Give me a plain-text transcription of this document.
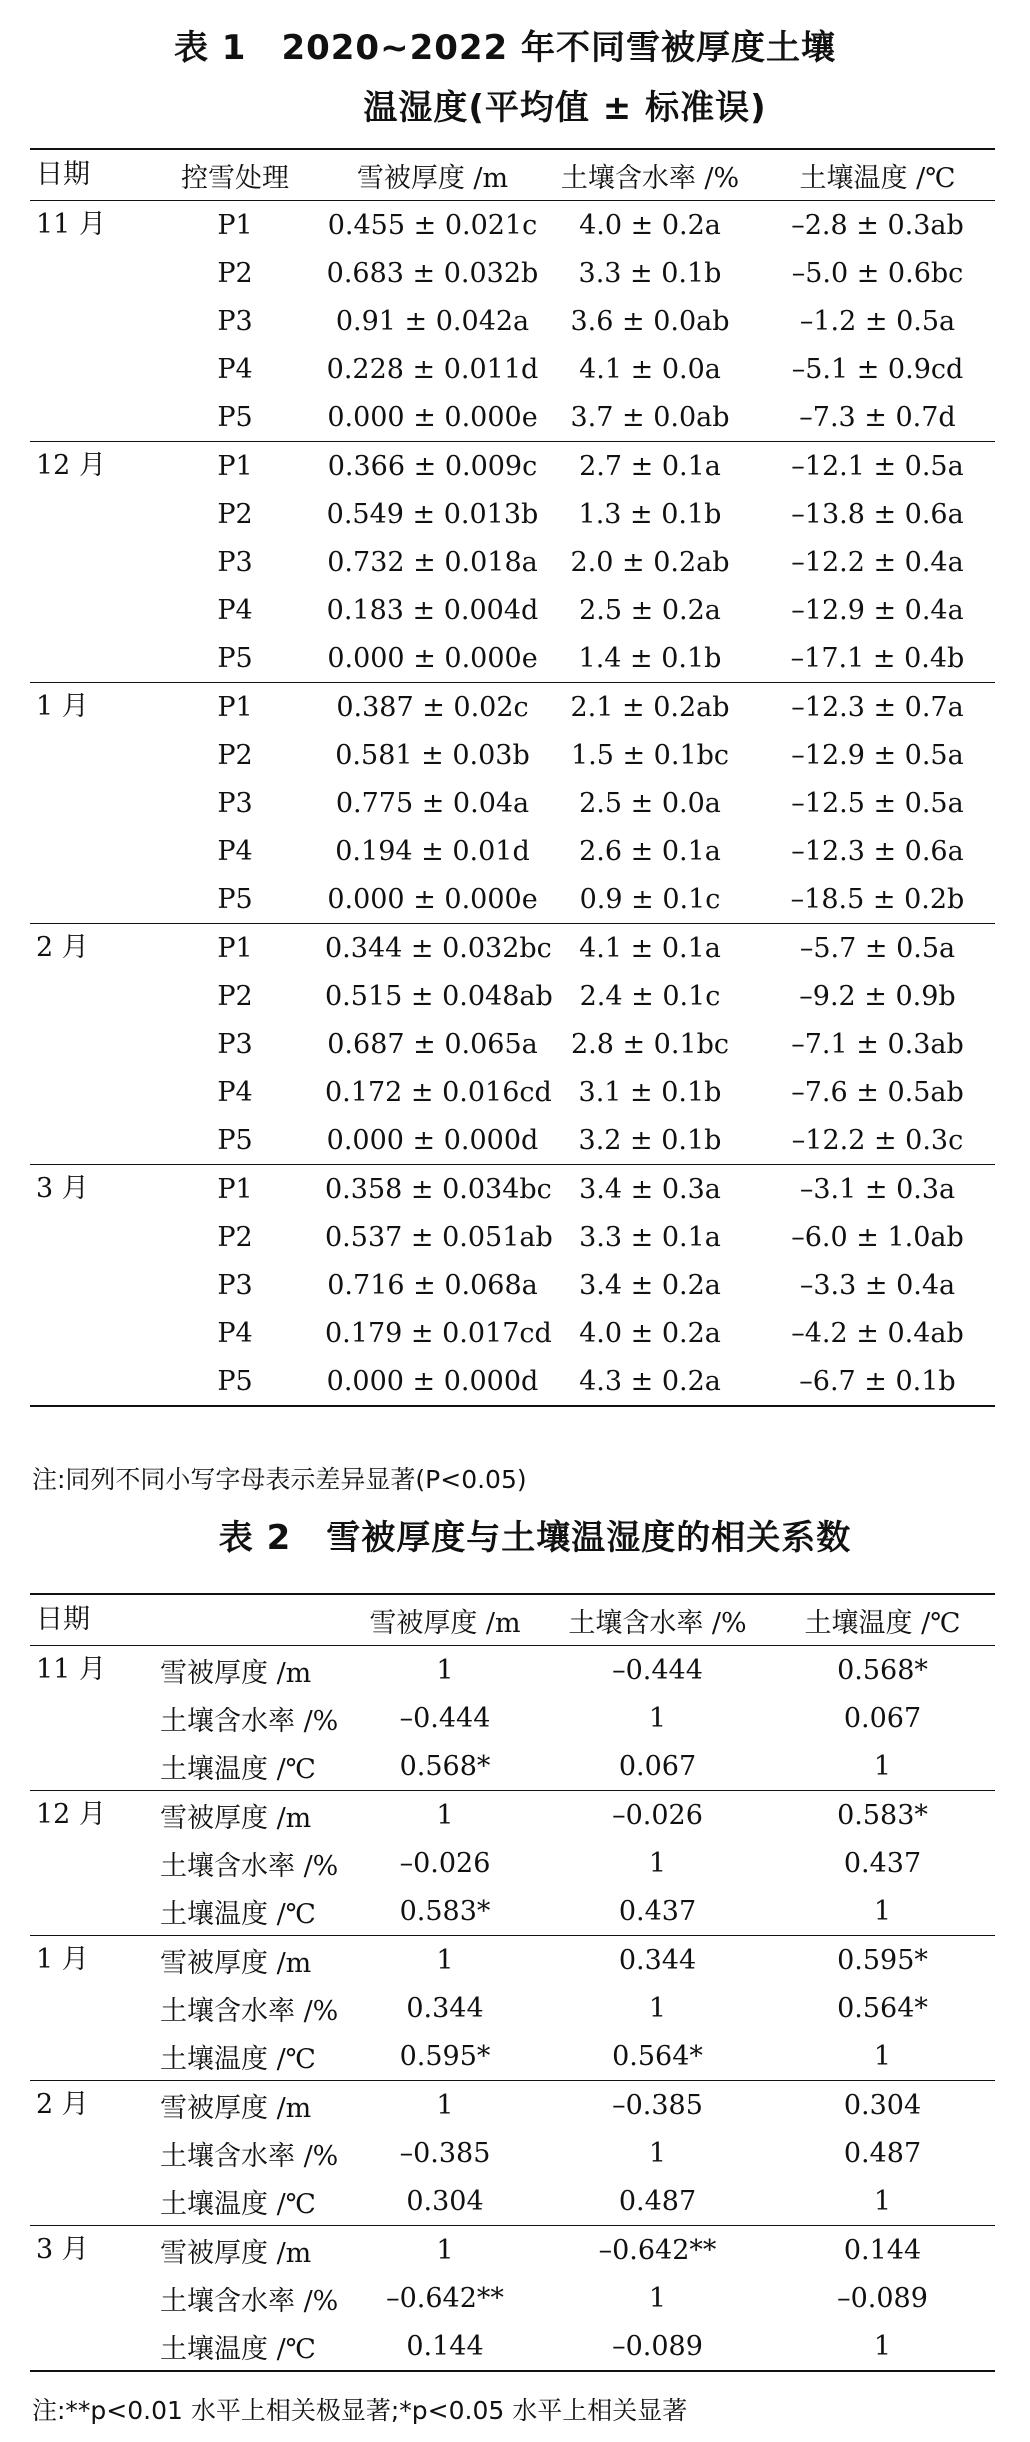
表 1　2020~2022 年不同雪被厚度土壤
温湿度(平均值 ± 标准误)
日期	控雪处理	雪被厚度 /m	土壤含水率 /%	土壤温度 /℃
11 月	P1	0.455 ± 0.021c	4.0 ± 0.2a	–2.8 ± 0.3ab
	P2	0.683 ± 0.032b	3.3 ± 0.1b	–5.0 ± 0.6bc
	P3	0.91 ± 0.042a	3.6 ± 0.0ab	–1.2 ± 0.5a
	P4	0.228 ± 0.011d	4.1 ± 0.0a	–5.1 ± 0.9cd
	P5	0.000 ± 0.000e	3.7 ± 0.0ab	–7.3 ± 0.7d
12 月	P1	0.366 ± 0.009c	2.7 ± 0.1a	–12.1 ± 0.5a
	P2	0.549 ± 0.013b	1.3 ± 0.1b	–13.8 ± 0.6a
	P3	0.732 ± 0.018a	2.0 ± 0.2ab	–12.2 ± 0.4a
	P4	0.183 ± 0.004d	2.5 ± 0.2a	–12.9 ± 0.4a
	P5	0.000 ± 0.000e	1.4 ± 0.1b	–17.1 ± 0.4b
1 月	P1	0.387 ± 0.02c	2.1 ± 0.2ab	–12.3 ± 0.7a
	P2	0.581 ± 0.03b	1.5 ± 0.1bc	–12.9 ± 0.5a
	P3	0.775 ± 0.04a	2.5 ± 0.0a	–12.5 ± 0.5a
	P4	0.194 ± 0.01d	2.6 ± 0.1a	–12.3 ± 0.6a
	P5	0.000 ± 0.000e	0.9 ± 0.1c	–18.5 ± 0.2b
2 月	P1	0.344 ± 0.032bc	4.1 ± 0.1a	–5.7 ± 0.5a
	P2	0.515 ± 0.048ab	2.4 ± 0.1c	–9.2 ± 0.9b
	P3	0.687 ± 0.065a	2.8 ± 0.1bc	–7.1 ± 0.3ab
	P4	0.172 ± 0.016cd	3.1 ± 0.1b	–7.6 ± 0.5ab
	P5	0.000 ± 0.000d	3.2 ± 0.1b	–12.2 ± 0.3c
3 月	P1	0.358 ± 0.034bc	3.4 ± 0.3a	–3.1 ± 0.3a
	P2	0.537 ± 0.051ab	3.3 ± 0.1a	–6.0 ± 1.0ab
	P3	0.716 ± 0.068a	3.4 ± 0.2a	–3.3 ± 0.4a
	P4	0.179 ± 0.017cd	4.0 ± 0.2a	–4.2 ± 0.4ab
	P5	0.000 ± 0.000d	4.3 ± 0.2a	–6.7 ± 0.1b
注:同列不同小写字母表示差异显著(P<0.05)
表 2　雪被厚度与土壤温湿度的相关系数
日期		雪被厚度 /m	土壤含水率 /%	土壤温度 /℃
11 月	雪被厚度 /m	1	–0.444	0.568*
	土壤含水率 /%	–0.444	1	0.067
	土壤温度 /℃	0.568*	0.067	1
12 月	雪被厚度 /m	1	–0.026	0.583*
	土壤含水率 /%	–0.026	1	0.437
	土壤温度 /℃	0.583*	0.437	1
1 月	雪被厚度 /m	1	0.344	0.595*
	土壤含水率 /%	0.344	1	0.564*
	土壤温度 /℃	0.595*	0.564*	1
2 月	雪被厚度 /m	1	–0.385	0.304
	土壤含水率 /%	–0.385	1	0.487
	土壤温度 /℃	0.304	0.487	1
3 月	雪被厚度 /m	1	–0.642**	0.144
	土壤含水率 /%	–0.642**	1	–0.089
	土壤温度 /℃	0.144	–0.089	1
注:**p<0.01 水平上相关极显著;*p<0.05 水平上相关显著
